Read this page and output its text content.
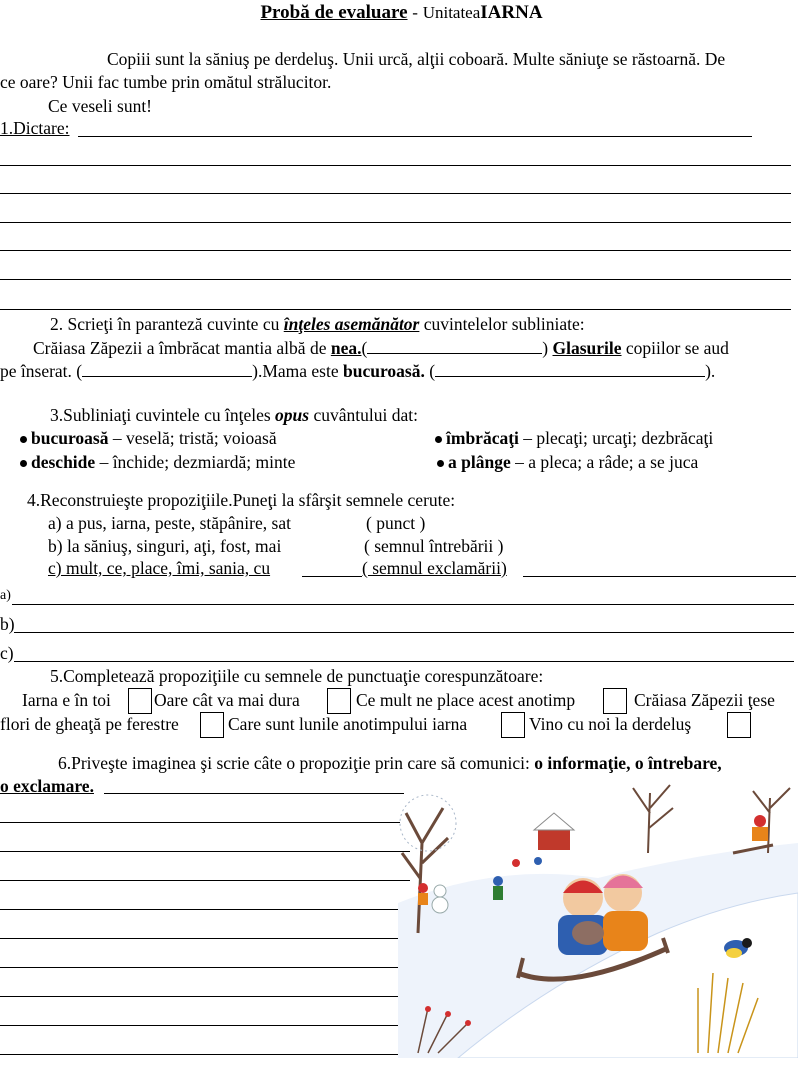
Probă de evaluare - UnitateaIARNA
Copiii sunt la săniuş pe derdeluş. Unii urcă, alţii coboară. Multe săniuţe se răstoarnă. De
ce oare? Unii fac tumbe prin omătul strălucitor.
Ce veseli sunt!
1.Dictare:
2. Scrieţi în paranteză cuvinte cu înţeles asemănător cuvintelelor subliniate:
Crăiasa Zăpezii a îmbrăcat mantia albă de nea.(	) Glasurile copiilor se aud
pe înserat. (	).Mama este bucuroasă. (	).
3.Subliniaţi cuvintele cu înţeles opus cuvântului dat:
bucuroasă – veselă; tristă; voioasă	îmbrăcaţi – plecaţi; urcaţi; dezbrăcaţi
deschide – închide; dezmiardă; minte	a plânge – a pleca; a râde; a se juca
4.Reconstruieşte propoziţiile.Puneţi la sfârşit semnele cerute:
a) a pus, iarna, peste, stăpânire, sat	( punct )
b) la săniuş, singuri, aţi, fost, mai	( semnul întrebării )
c) mult, ce, place, îmi, sania, cu	( semnul exclamării)
a)
b)
c)
5.Completează propoziţiile cu semnele de punctuaţie corespunzătoare:
Iarna e în toi Oare cât va mai dura	Ce mult ne place acest anotimp	Crăiasa Zăpezii ţese
flori de gheaţă pe ferestre	Care sunt lunile anotimpului iarna	Vino cu noi la derdeluş
6.Priveşte imaginea şi scrie câte o propoziţie prin care să comunici: o informaţie, o întrebare,
o exclamare.
